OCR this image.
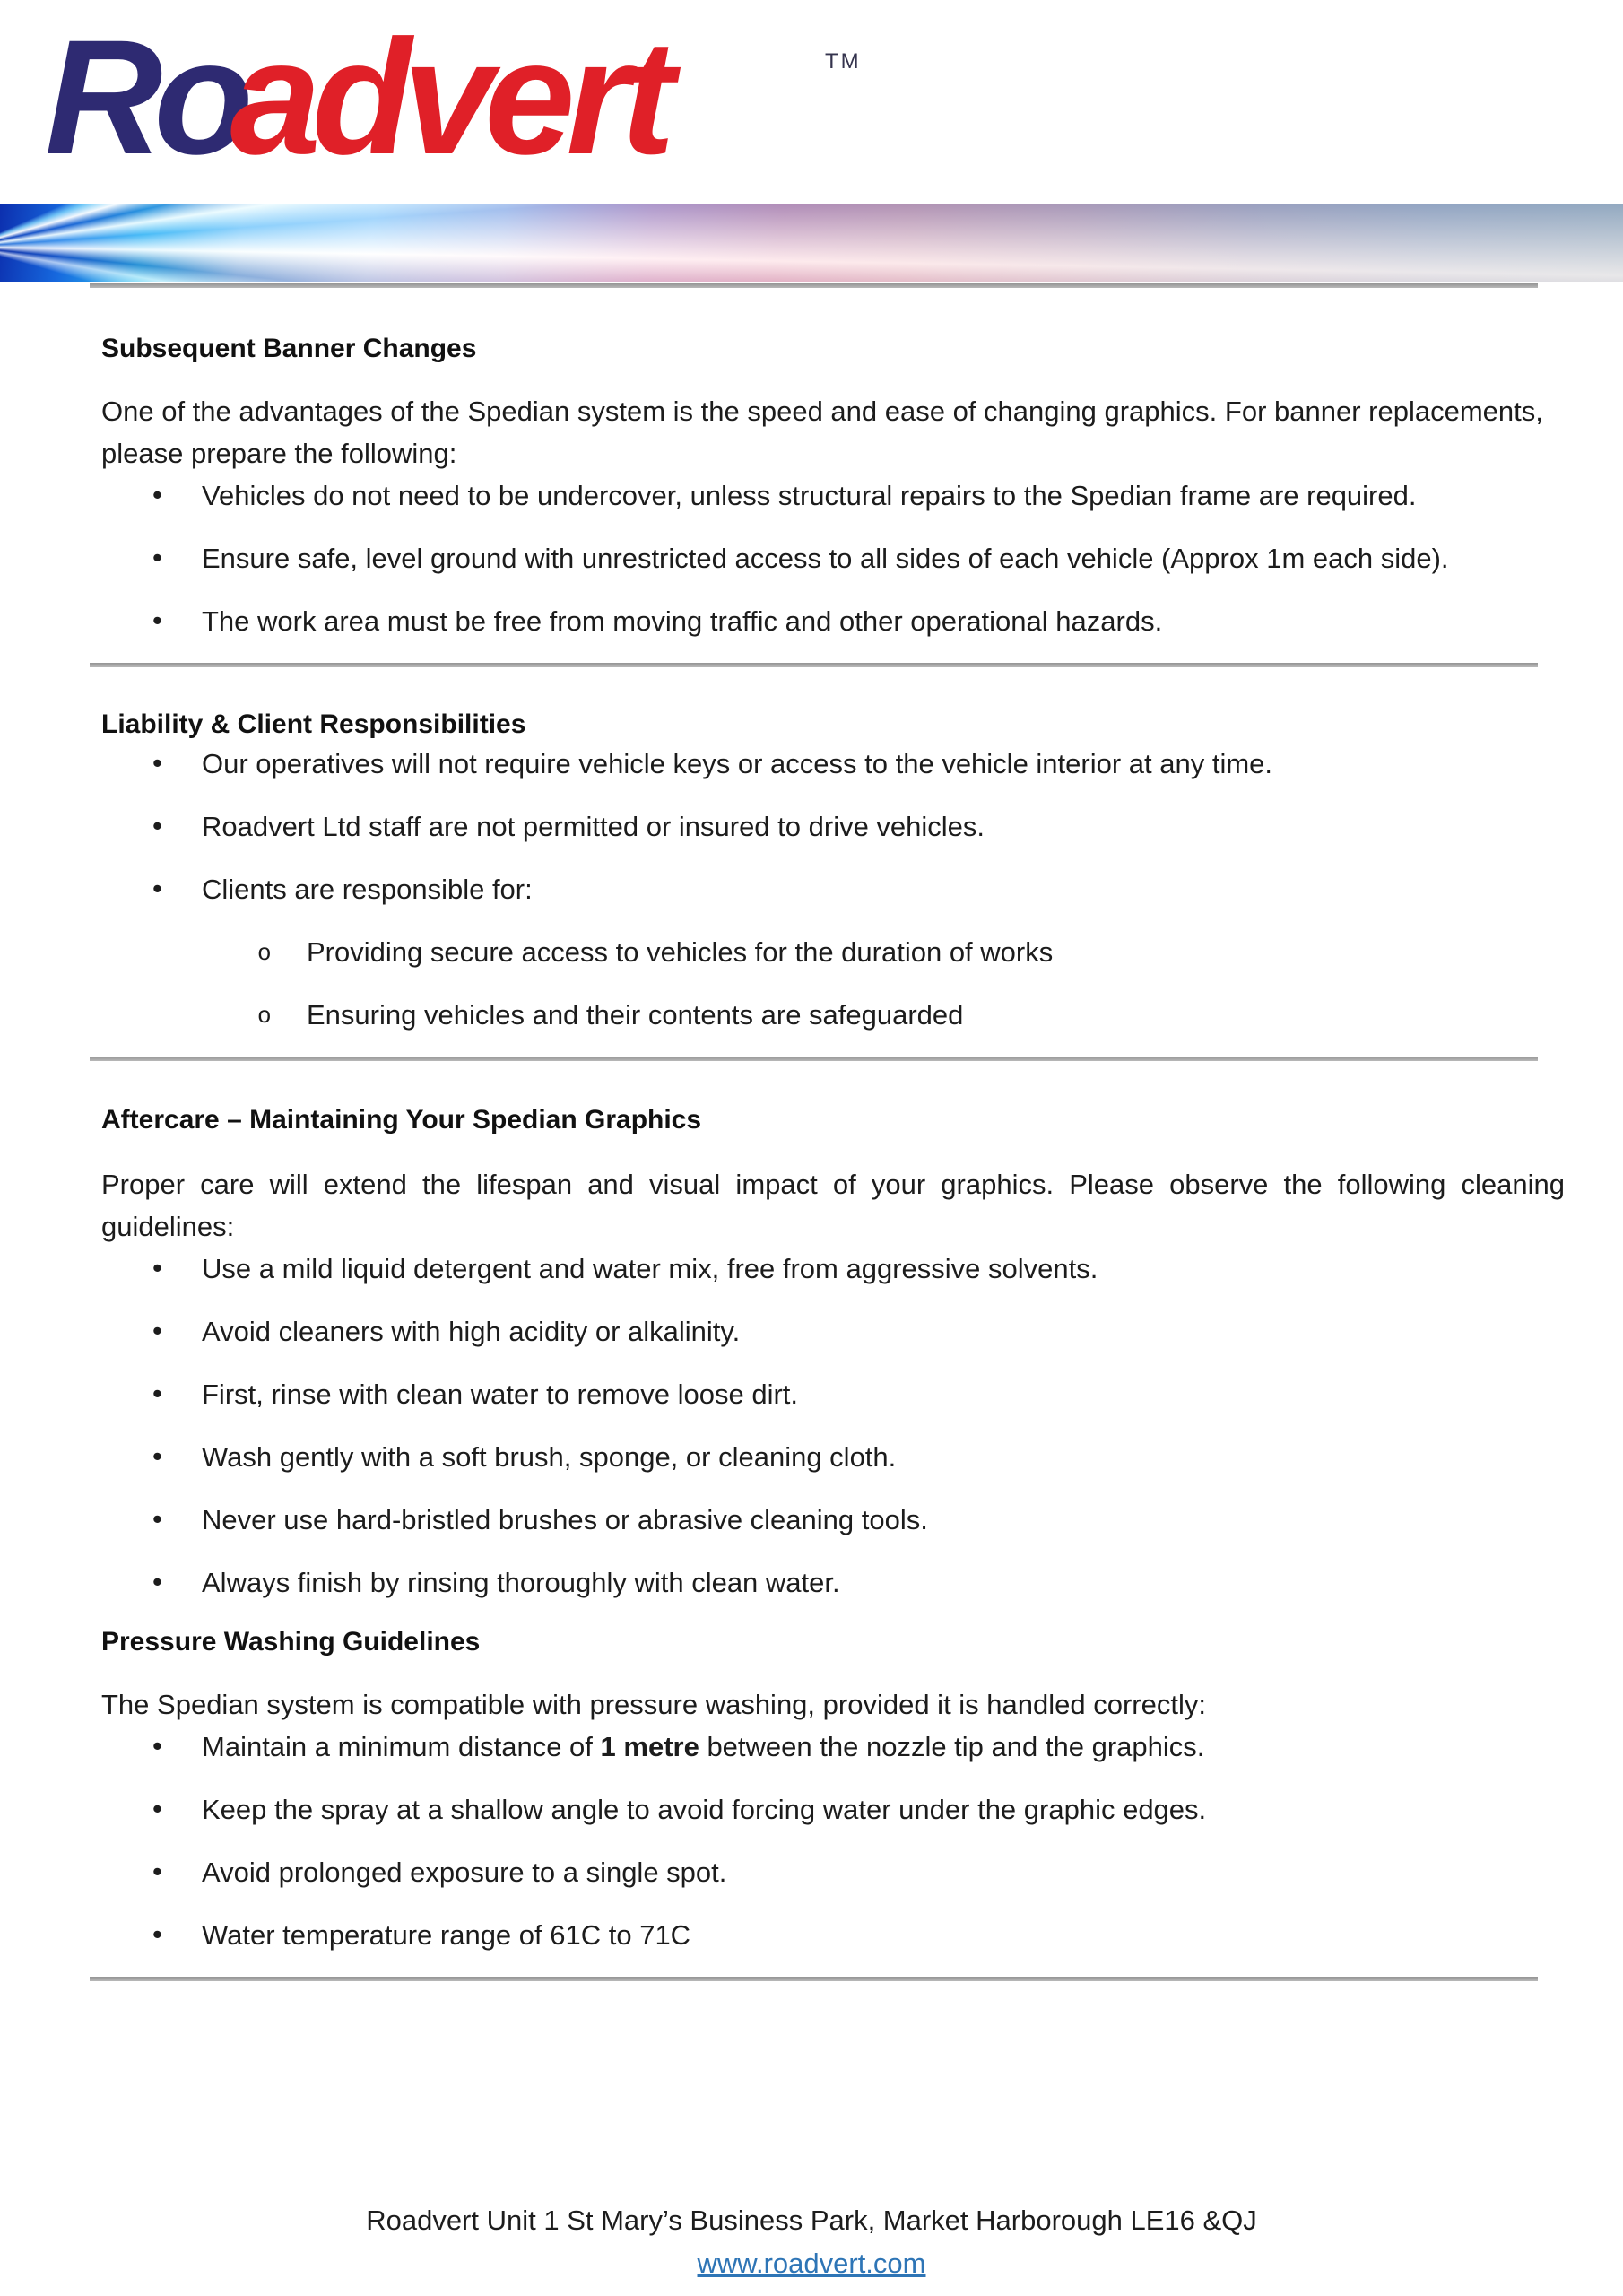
Roadvert	TM
Subsequent Banner Changes

One of the advantages of the Spedian system is the speed and ease of changing graphics. For banner replacements, please prepare the following:

• Vehicles do not need to be undercover, unless structural repairs to the Spedian frame are required.
• Ensure safe, level ground with unrestricted access to all sides of each vehicle (Approx 1m each side).
• The work area must be free from moving traffic and other operational hazards.
Liability & Client Responsibilities
• Our operatives will not require vehicle keys or access to the vehicle interior at any time.
• Roadvert Ltd staff are not permitted or insured to drive vehicles.
• Clients are responsible for:
o Providing secure access to vehicles for the duration of works
o Ensuring vehicles and their contents are safeguarded
Aftercare – Maintaining Your Spedian Graphics

Proper care will extend the lifespan and visual impact of your graphics. Please observe the following cleaning guidelines:

• Use a mild liquid detergent and water mix, free from aggressive solvents.
• Avoid cleaners with high acidity or alkalinity.
• First, rinse with clean water to remove loose dirt.
• Wash gently with a soft brush, sponge, or cleaning cloth.
• Never use hard-bristled brushes or abrasive cleaning tools.
• Always finish by rinsing thoroughly with clean water.
Pressure Washing Guidelines

The Spedian system is compatible with pressure washing, provided it is handled correctly:

• Maintain a minimum distance of 1 metre between the nozzle tip and the graphics.
• Keep the spray at a shallow angle to avoid forcing water under the graphic edges.
• Avoid prolonged exposure to a single spot.
• Water temperature range of 61C to 71C
Roadvert Unit 1 St Mary’s Business Park, Market Harborough LE16 &QJ
www.roadvert.com
